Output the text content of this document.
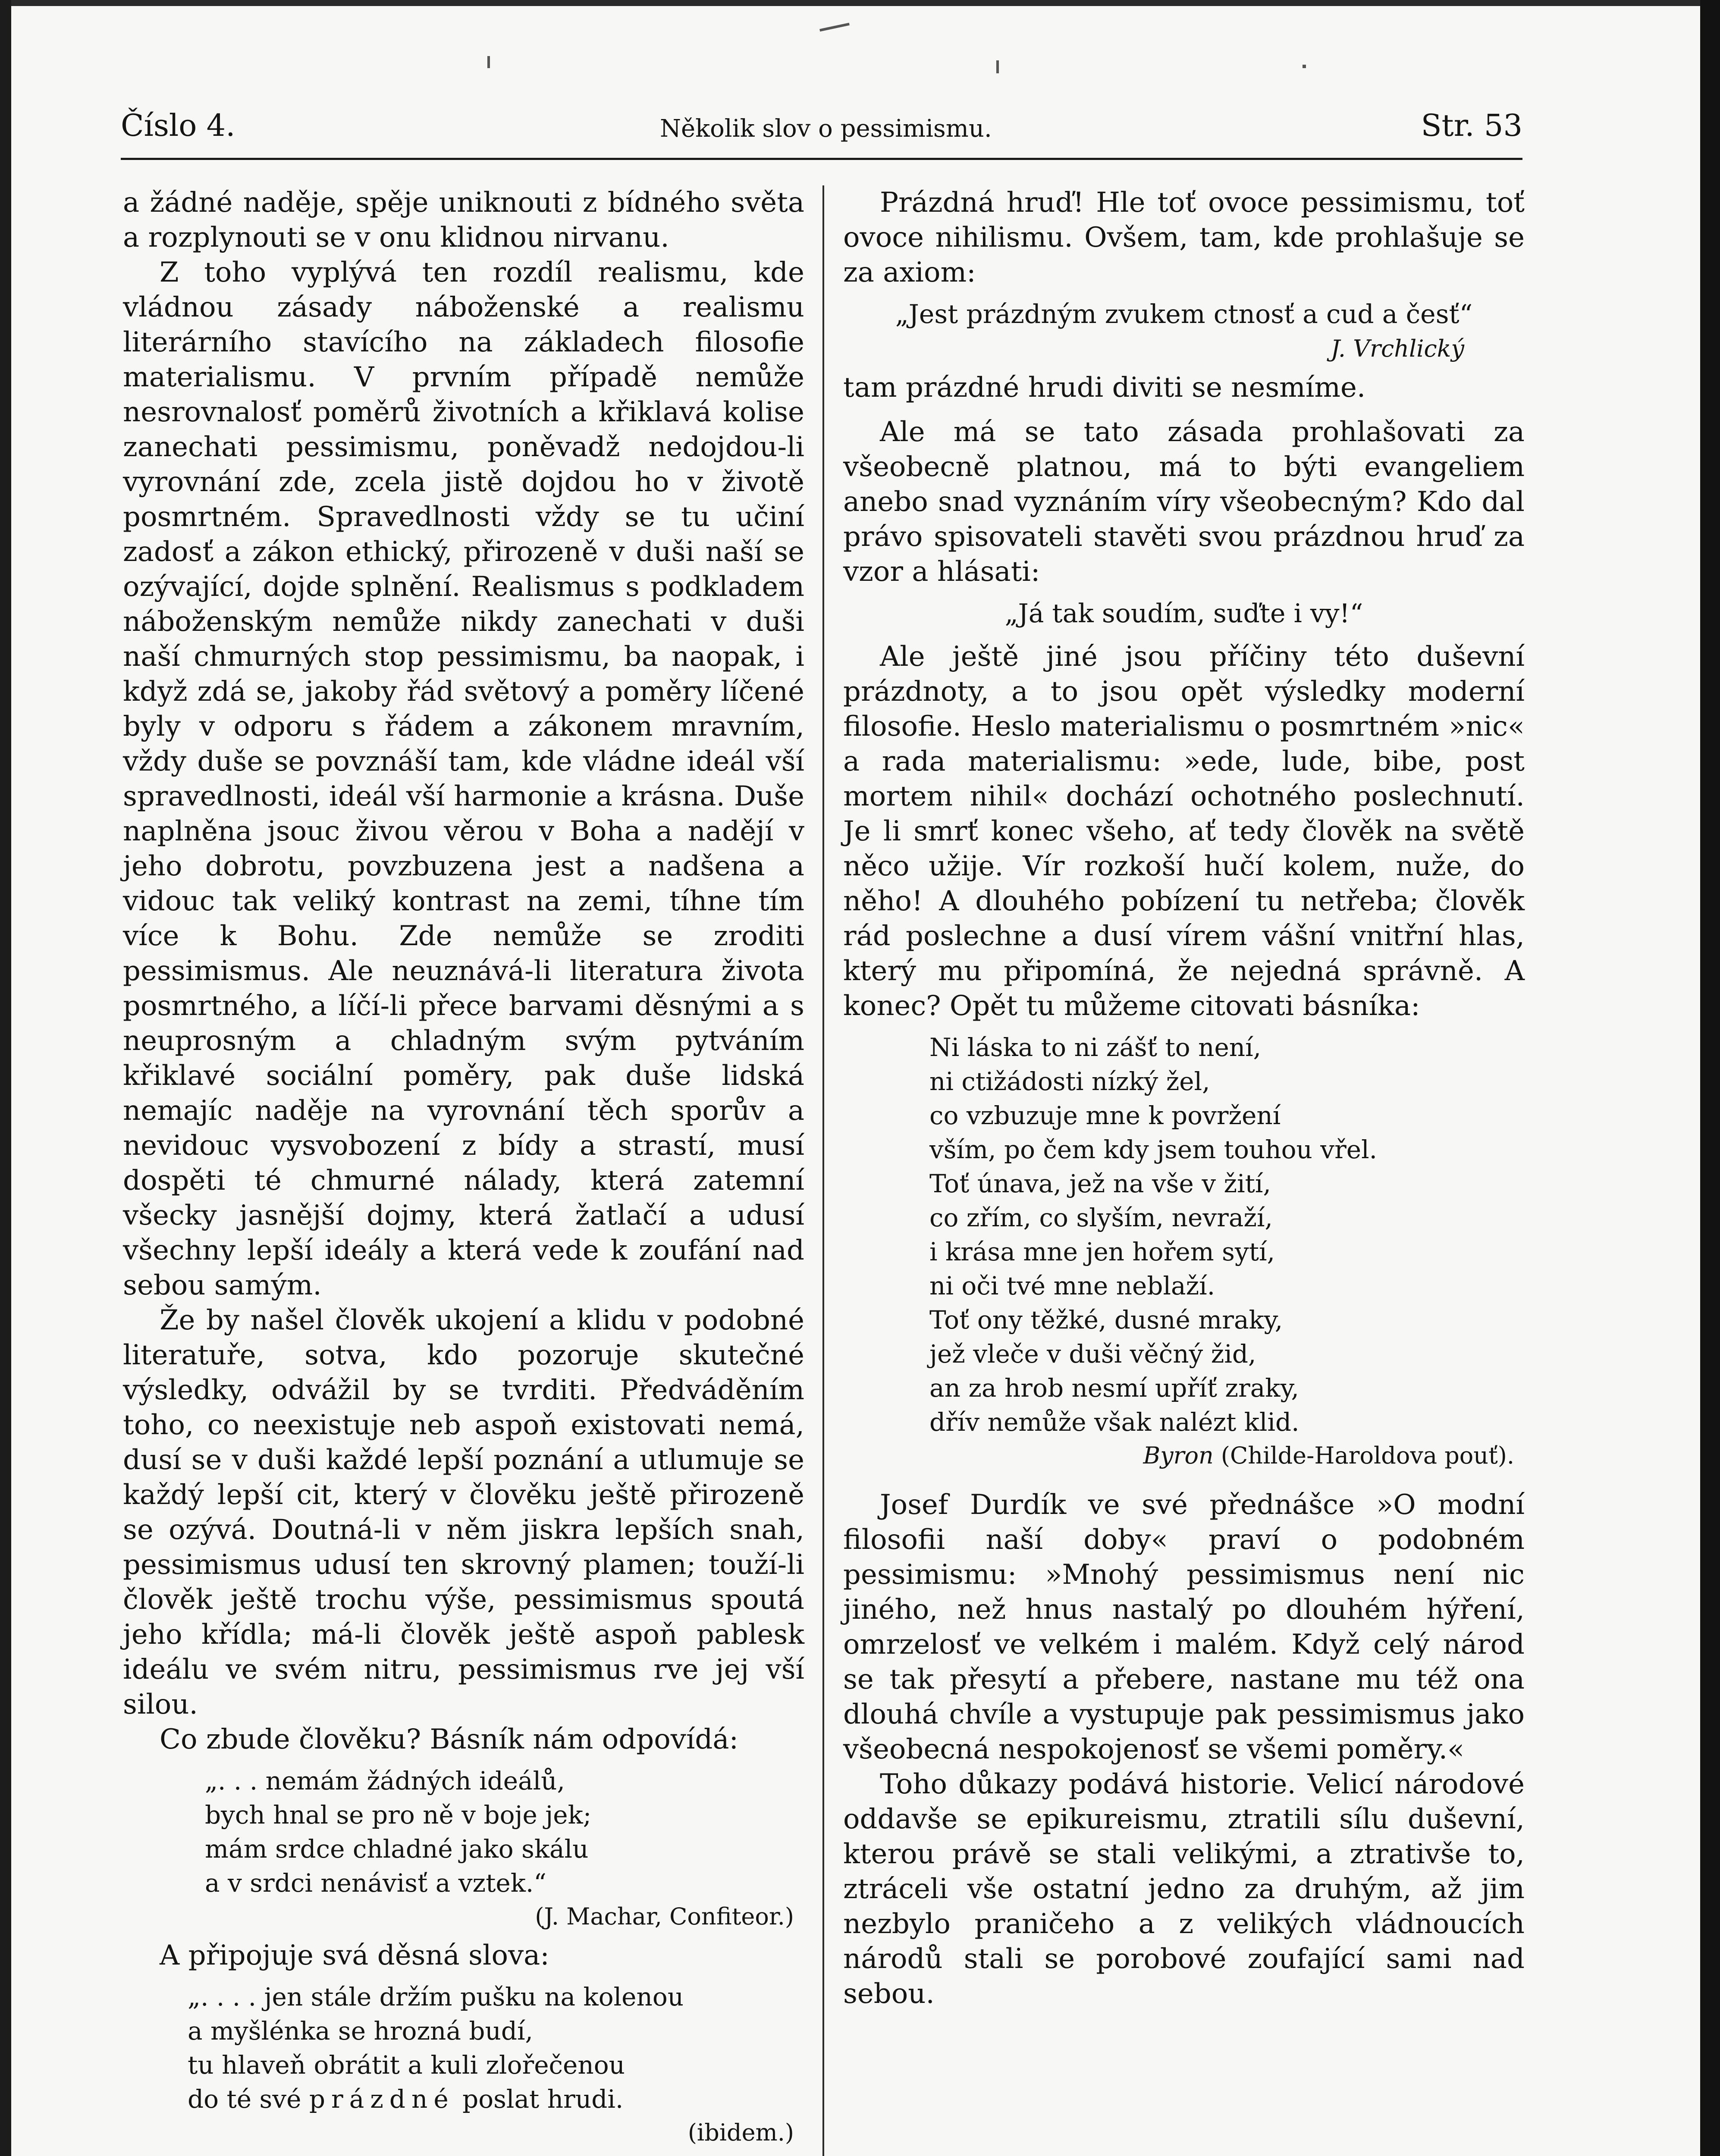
Číslo 4.	Několik slov o pessimismu.	Str. 53

a žádné naděje, spěje uniknouti z bídného světa a rozplynouti se v onu klidnou nirvanu.

Z toho vyplývá ten rozdíl realismu, kde vládnou zásady náboženské a realismu literárního stavícího na základech filosofie materialismu. V prvním případě nemůže nesrovnalosť poměrů životních a křiklavá kolise zanechati pessimismu, poněvadž nedojdou-li vyrovnání zde, zcela jistě dojdou ho v životě posmrtném. Spravedlnosti vždy se tu učiní zadosť a zákon ethický, přirozeně v duši naší se ozývající, dojde splnění. Realismus s podkladem náboženským nemůže nikdy zanechati v duši naší chmurných stop pessimismu, ba naopak, i když zdá se, jakoby řád světový a poměry líčené byly v odporu s řádem a zákonem mravním, vždy duše se povznáší tam, kde vládne ideál vší spravedlnosti, ideál vší harmonie a krásna. Duše naplněna jsouc živou věrou v Boha a nadějí v jeho dobrotu, povzbuzena jest a nadšena a vidouc tak veliký kontrast na zemi, tíhne tím více k Bohu. Zde nemůže se zroditi pessimismus. Ale neuznává-li literatura života posmrtného, a líčí-li přece barvami děsnými a s neuprosným a chladným svým pytváním křiklavé sociální poměry, pak duše lidská nemajíc naděje na vyrovnání těch sporův a nevidouc vysvobození z bídy a strastí, musí dospěti té chmurné nálady, která zatemní všecky jasnější dojmy, která žatlačí a udusí všechny lepší ideály a která vede k zoufání nad sebou samým.

Že by našel člověk ukojení a klidu v podobné literatuře, sotva, kdo pozoruje skutečné výsledky, odvážil by se tvrditi. Předváděním toho, co neexistuje neb aspoň existovati nemá, dusí se v duši každé lepší poznání a utlumuje se každý lepší cit, který v člověku ještě přirozeně se ozývá. Doutná-li v něm jiskra lepších snah, pessimismus udusí ten skrovný plamen; touží-li člověk ještě trochu výše, pessimismus spoutá jeho křídla; má-li člověk ještě aspoň pablesk ideálu ve svém nitru, pessimismus rve jej vší silou.

Co zbude člověku? Básník nám odpovídá:

„. . . nemám žádných ideálů,
bych hnal se pro ně v boje jek;
mám srdce chladné jako skálu
a v srdci nenávisť a vztek.“
(J. Machar, Confiteor.)

A připojuje svá děsná slova:

„. . . . jen stále držím pušku na kolenou
a myšlénka se hrozná budí,
tu hlaveň obrátit a kuli zlořečenou
do té své prázdné poslat hrudi.
(ibidem.)

Prázdná hruď! Hle toť ovoce pessimismu, toť ovoce nihilismu. Ovšem, tam, kde prohlašuje se za axiom:

„Jest prázdným zvukem ctnosť a cud a česť“
J. Vrchlický

tam prázdné hrudi diviti se nesmíme.

Ale má se tato zásada prohlašovati za všeobecně platnou, má to býti evangeliem anebo snad vyznáním víry všeobecným? Kdo dal právo spisovateli stavěti svou prázdnou hruď za vzor a hlásati:

„Já tak soudím, suďte i vy!“

Ale ještě jiné jsou příčiny této duševní prázdnoty, a to jsou opět výsledky moderní filosofie. Heslo materialismu o posmrtném »nic« a rada materialismu: »ede, lude, bibe, post mortem nihil« dochází ochotného poslechnutí. Je li smrť konec všeho, ať tedy člověk na světě něco užije. Vír rozkoší hučí kolem, nuže, do něho! A dlouhého pobízení tu netřeba; člověk rád poslechne a dusí vírem vášní vnitřní hlas, který mu připomíná, že nejedná správně. A konec? Opět tu můžeme citovati básníka:

Ni láska to ni zášť to není,
ni ctižádosti nízký žel,
co vzbuzuje mne k povržení
vším, po čem kdy jsem touhou vřel.
Toť únava, jež na vše v žití,
co zřím, co slyším, nevraží,
i krása mne jen hořem sytí,
ni oči tvé mne neblaží.
Toť ony těžké, dusné mraky,
jež vleče v duši věčný žid,
an za hrob nesmí upříť zraky,
dřív nemůže však nalézt klid.
Byron (Childe-Haroldova pouť).

Josef Durdík ve své přednášce »O modní filosofii naší doby« praví o podobném pessimismu: »Mnohý pessimismus není nic jiného, než hnus nastalý po dlouhém hýření, omrzelosť ve velkém i malém. Když celý národ se tak přesytí a přebere, nastane mu též ona dlouhá chvíle a vystupuje pak pessimismus jako všeobecná nespokojenosť se všemi poměry.«

Toho důkazy podává historie. Velicí národové oddavše se epikureismu, ztratili sílu duševní, kterou právě se stali velikými, a ztrativše to, ztráceli vše ostatní jedno za druhým, až jim nezbylo praničeho a z velikých vládnoucích národů stali se porobové zoufající sami nad sebou.
